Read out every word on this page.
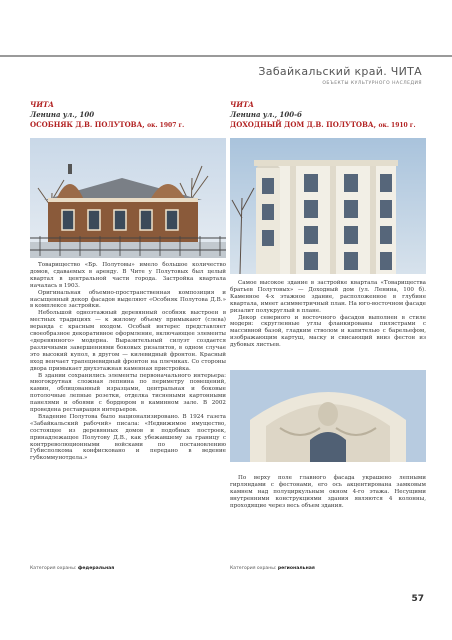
Забайкальский край. ЧИТА
ОБЪЕКТЫ КУЛЬТУРНОГО НАСЛЕДИЯ

ЧИТА

Ленина ул., 100

ОСОБНЯК Д.В. ПОЛУТОВА, ок. 1907 г.

Товарищество «Бр. Полутовы» имело большое количество домов, сдаваемых в аренду. В Чите у Полутовых был целый квартал в центральной части города. Застройка квартала началась в 1903.

Оригинальная объемно-пространственная композиция и насыщенный декор фасадов выделяют «Особняк Полутова Д.В.» в комплексе застройки.

Небольшой одноэтажный деревянный особняк выстроен в местных традициях — к жилому объему примыкают (слева) веранда с красным входом. Особый интерес представляет своеобразное декоративное оформление, включающее элементы «деревянного» модерна. Выразительный силуэт создается различными завершениями боковых ризалитов, в одном случае это высокий купол, в другом — килевидный фронтон. Красный вход венчает трапециевидный фронтон на плечиках. Со стороны двора примыкает двухэтажная каменная пристройка.

В здании сохранились элементы первоначального интерьера: многокрутная сложная лепнина по периметру помещений, камин, облицованный изразцами, центральная и боковые потолочные лепные розетки, отделка тиснеными картонными панелями и обоями с бордюром в каминном зале. В 2002 проведена реставрация интерьеров.

Владение Полутова было национализировано. В 1924 газета «Забайкальский рабочий» писала: «Недвижимое имущество, состоящее из деревянных домов и подобных построек, принадлежащее Полутову Д.В., как убежавшему за границу с контрреволюционными войсками по постановлению Губисполкома конфисковано и передано в ведение губкоммунотдела.»

Категория охраны: федеральная

ЧИТА

Ленина ул., 100-б

ДОХОДНЫЙ ДОМ Д.В. ПОЛУТОВА, ок. 1910 г.

Самое высокое здание в застройке квартала «Товарищества братьев Полутовых» — Доходный дом (ул. Ленина, 100 б). Каменное 4-х этажное здание, расположенное в глубине квартала, имеет асимметричный план. На юго-восточном фасаде ризалит полукруглый в плане.

Декор северного и восточного фасадов выполнен в стиле модерн: скругленные углы фланкированы пилястрами с массивной базой, гладким стволом и капителью с барельефом, изображающим картуш, маску и свисающий вниз фестон из дубовых листьев.

По верху поле главного фасада украшено лепными гирляндами с фестонами, его ось акцентирована замковым камнем над полуциркульным окном 4-го этажа. Несущими внутренними конструкциями здания являются 4 колонны, проходящие через весь объем здания.

Категория охраны: региональная
57
